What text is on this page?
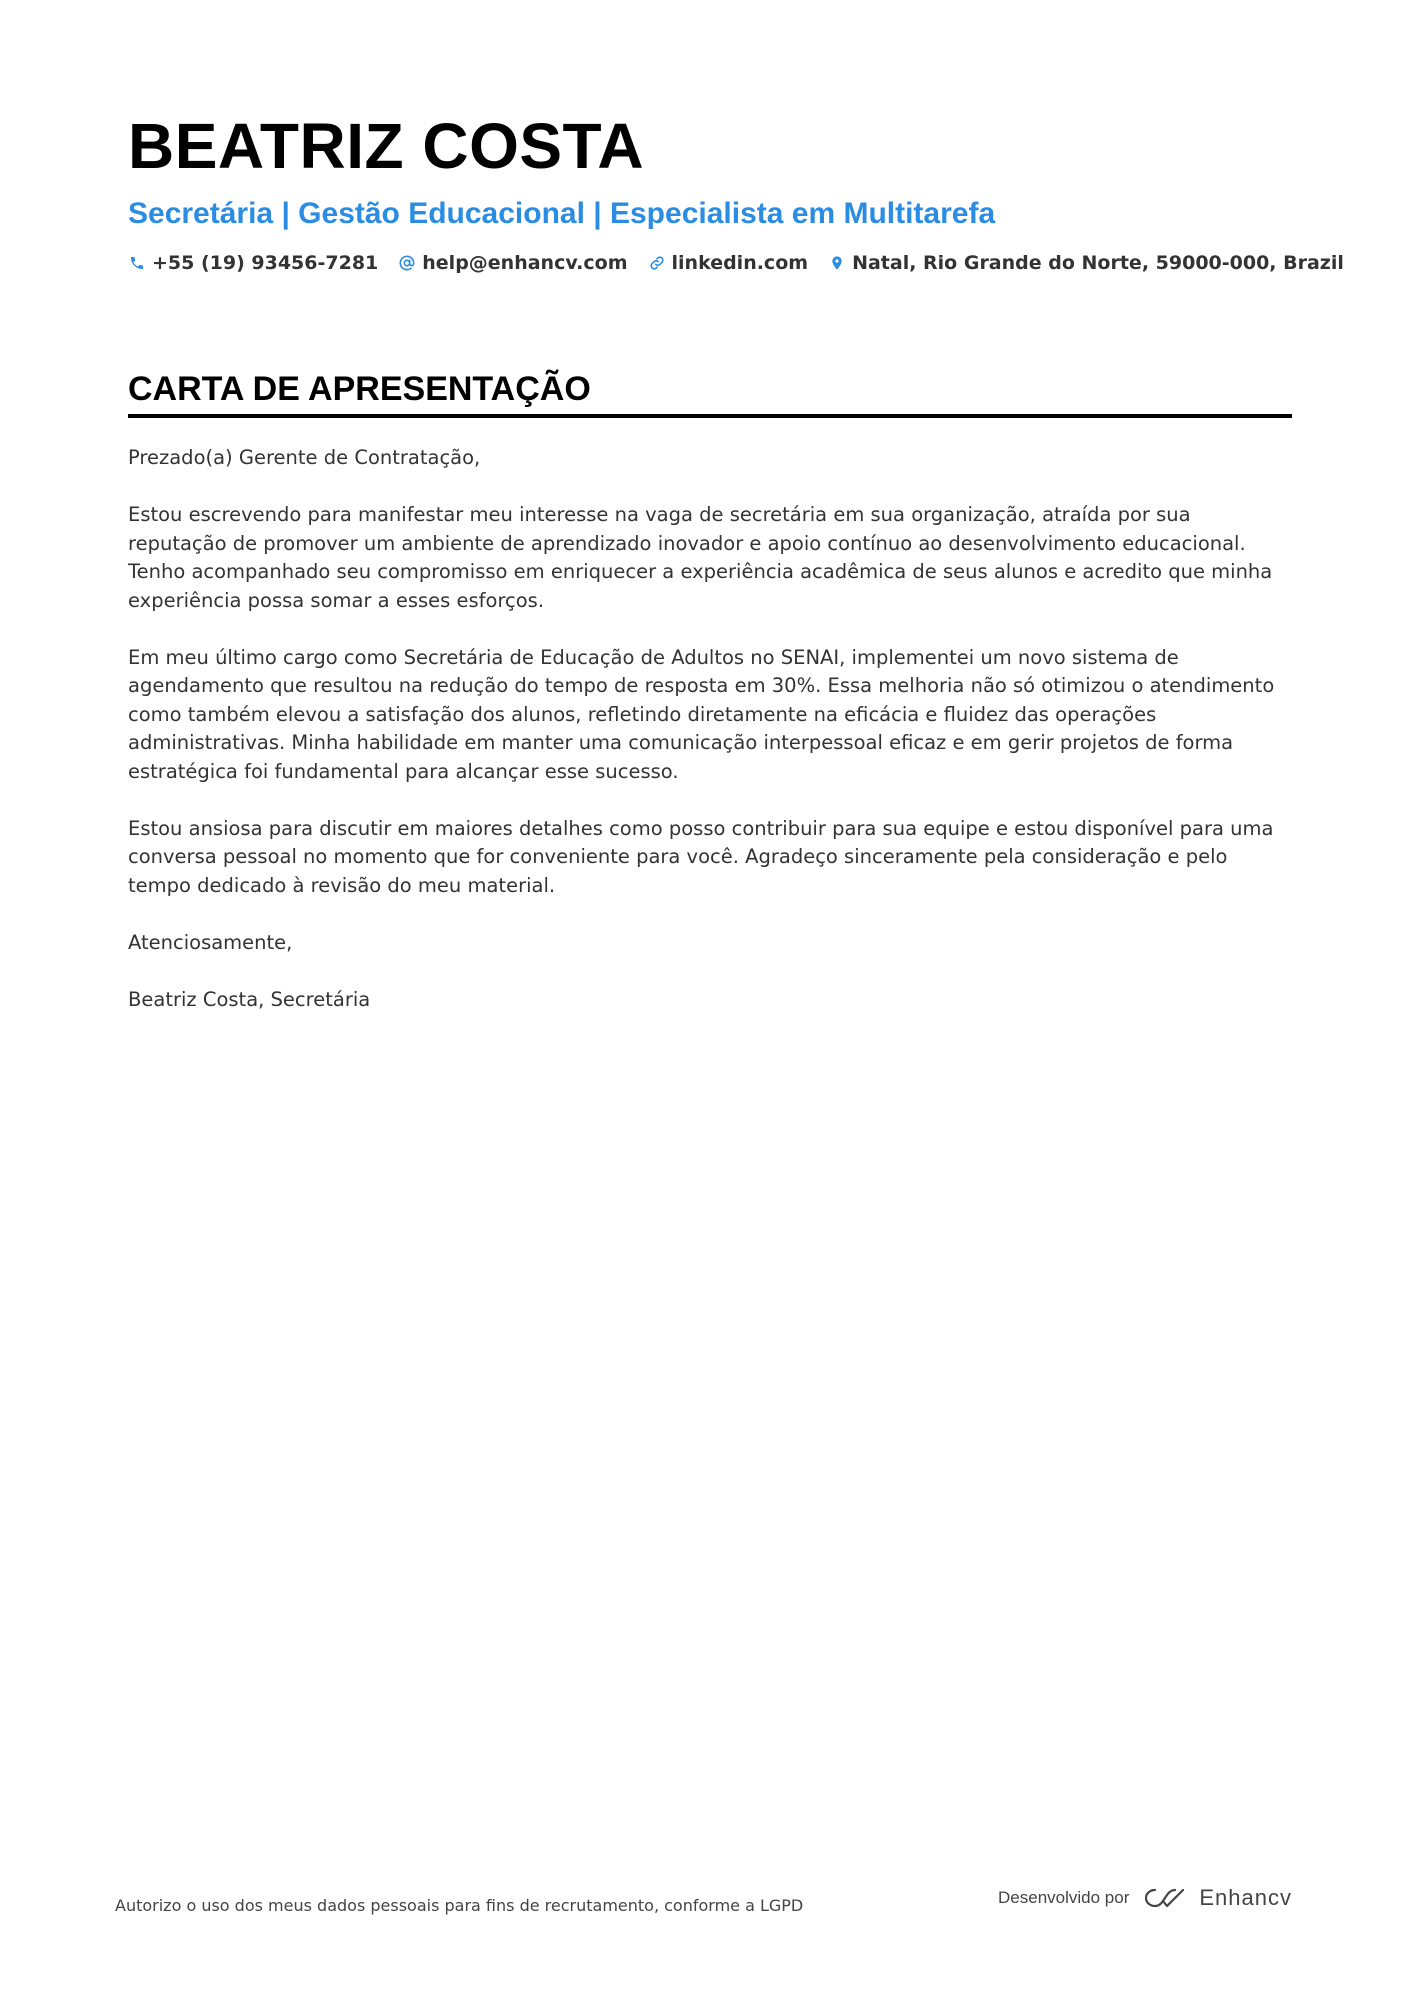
BEATRIZ COSTA
Secretária | Gestão Educacional | Especialista em Multitarefa
+55 (19) 93456-7281 help@enhancv.com linkedin.com Natal, Rio Grande do Norte, 59000-000, Brazil
CARTA DE APRESENTAÇÃO

Prezado(a) Gerente de Contratação,

Estou escrevendo para manifestar meu interesse na vaga de secretária em sua organização, atraída por sua reputação de promover um ambiente de aprendizado inovador e apoio contínuo ao desenvolvimento educacional. Tenho acompanhado seu compromisso em enriquecer a experiência acadêmica de seus alunos e acredito que minha experiência possa somar a esses esforços.

Em meu último cargo como Secretária de Educação de Adultos no SENAI, implementei um novo sistema de agendamento que resultou na redução do tempo de resposta em 30%. Essa melhoria não só otimizou o atendimento como também elevou a satisfação dos alunos, refletindo diretamente na eficácia e fluidez das operações administrativas. Minha habilidade em manter uma comunicação interpessoal eficaz e em gerir projetos de forma estratégica foi fundamental para alcançar esse sucesso.

Estou ansiosa para discutir em maiores detalhes como posso contribuir para sua equipe e estou disponível para uma conversa pessoal no momento que for conveniente para você. Agradeço sinceramente pela consideração e pelo tempo dedicado à revisão do meu material.

Atenciosamente,

Beatriz Costa, Secretária

Autorizo o uso dos meus dados pessoais para fins de recrutamento, conforme a LGPD	Desenvolvido por	Enhancv
